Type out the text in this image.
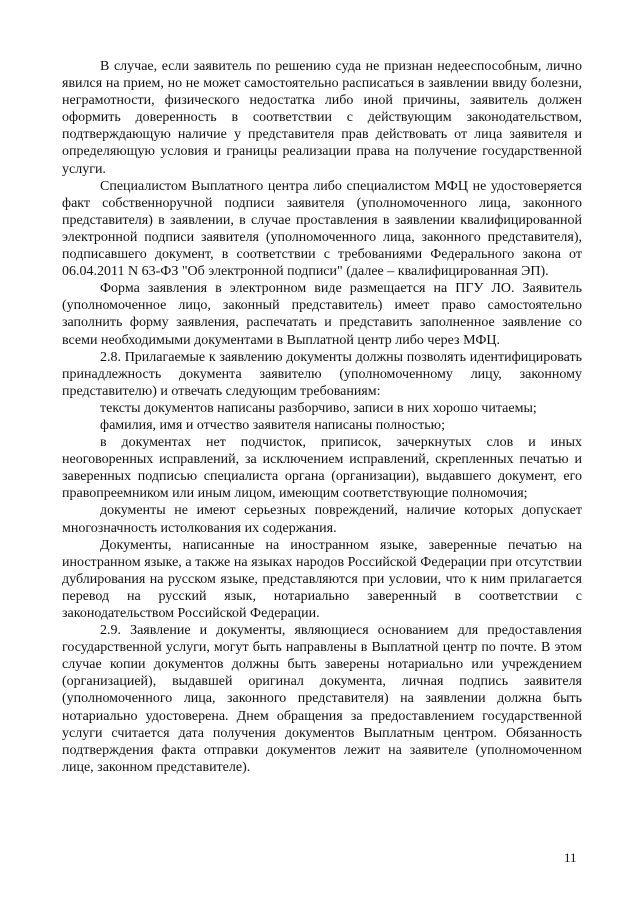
В случае, если заявитель по решению суда не признан недееспособным, лично явился на прием, но не может самостоятельно расписаться в заявлении ввиду болезни, неграмотности, физического недостатка либо иной причины, заявитель должен оформить доверенность в соответствии с действующим законодательством, подтверждающую наличие у представителя прав действовать от лица заявителя и определяющую условия и границы реализации права на получение государственной услуги.

Специалистом Выплатного центра либо специалистом МФЦ не удостоверяется факт собственноручной подписи заявителя (уполномоченного лица, законного представителя) в заявлении, в случае проставления в заявлении квалифицированной электронной подписи заявителя (уполномоченного лица, законного представителя), подписавшего документ, в соответствии с требованиями Федерального закона от 06.04.2011 N 63-ФЗ "Об электронной подписи" (далее – квалифицированная ЭП).

Форма заявления в электронном виде размещается на ПГУ ЛО. Заявитель (уполномоченное лицо, законный представитель) имеет право самостоятельно заполнить форму заявления, распечатать и представить заполненное заявление со всеми необходимыми документами в Выплатной центр либо через МФЦ.

2.8. Прилагаемые к заявлению документы должны позволять идентифицировать принадлежность документа заявителю (уполномоченному лицу, законному представителю) и отвечать следующим требованиям:

тексты документов написаны разборчиво, записи в них хорошо читаемы;

фамилия, имя и отчество заявителя написаны полностью;

в документах нет подчисток, приписок, зачеркнутых слов и иных неоговоренных исправлений, за исключением исправлений, скрепленных печатью и заверенных подписью специалиста органа (организации), выдавшего документ, его правопреемником или иным лицом, имеющим соответствующие полномочия;

документы не имеют серьезных повреждений, наличие которых допускает многозначность истолкования их содержания.

Документы, написанные на иностранном языке, заверенные печатью на иностранном языке, а также на языках народов Российской Федерации при отсутствии дублирования на русском языке, представляются при условии, что к ним прилагается перевод на русский язык, нотариально заверенный в соответствии с законодательством Российской Федерации.

2.9. Заявление и документы, являющиеся основанием для предоставления государственной услуги, могут быть направлены в Выплатной центр по почте. В этом случае копии документов должны быть заверены нотариально или учреждением (организацией), выдавшей оригинал документа, личная подпись заявителя (уполномоченного лица, законного представителя) на заявлении должна быть нотариально удостоверена. Днем обращения за предоставлением государственной услуги считается дата получения документов Выплатным центром. Обязанность подтверждения факта отправки документов лежит на заявителе (уполномоченном лице, законном представителе).

11
